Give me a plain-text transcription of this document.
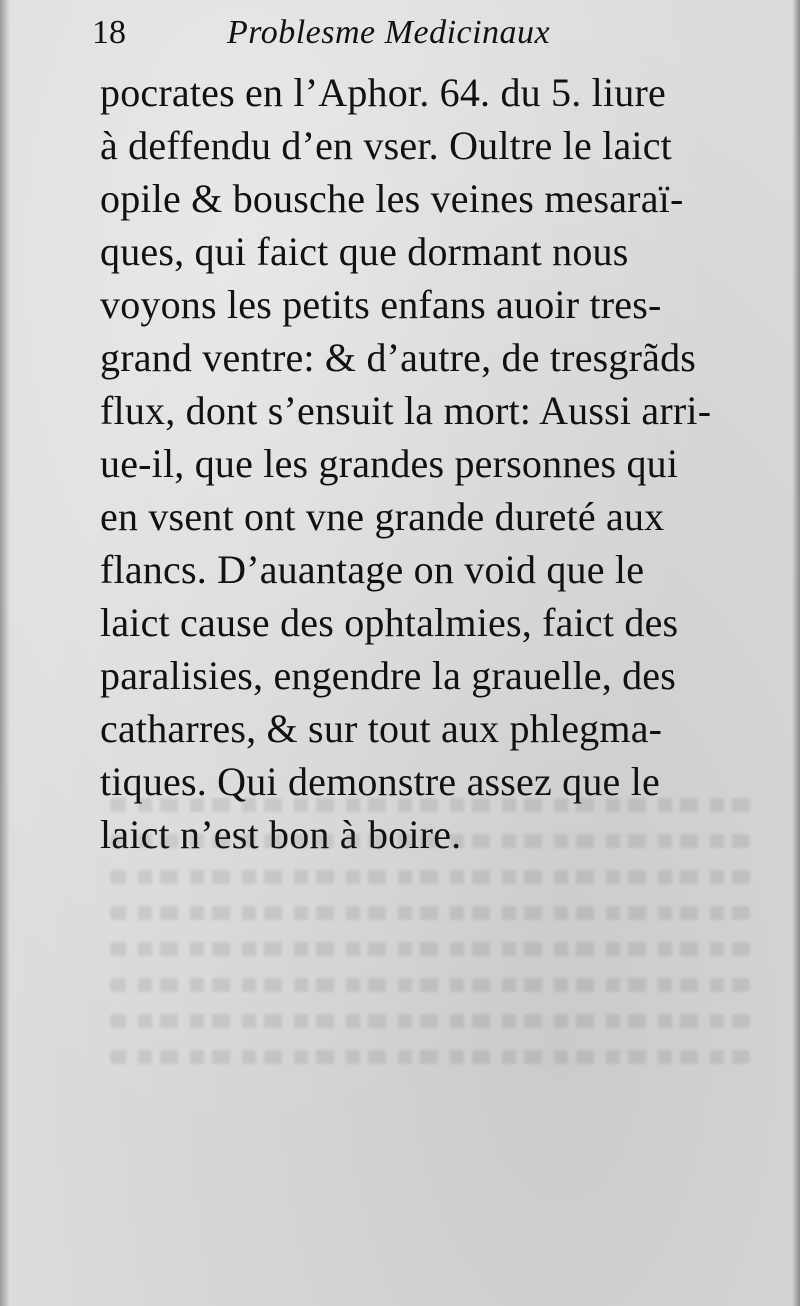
18	Problesme Medicinaux
pocrates en l’Aphor. 64. du 5. liure
à deffendu d’en vser. Oultre le laict
opile & bousche les veines mesaraï-
ques, qui faict que dormant nous
voyons les petits enfans auoir tres-
grand ventre: & d’autre, de tresgrãds
flux, dont s’ensuit la mort: Aussi arri-
ue-il, que les grandes personnes qui
en vsent ont vne grande dureté aux
flancs. D’auantage on void que le
laict cause des ophtalmies, faict des
paralisies, engendre la grauelle, des
catharres, & sur tout aux phlegma-
tiques. Qui demonstre assez que le
laict n’est bon à boire.
